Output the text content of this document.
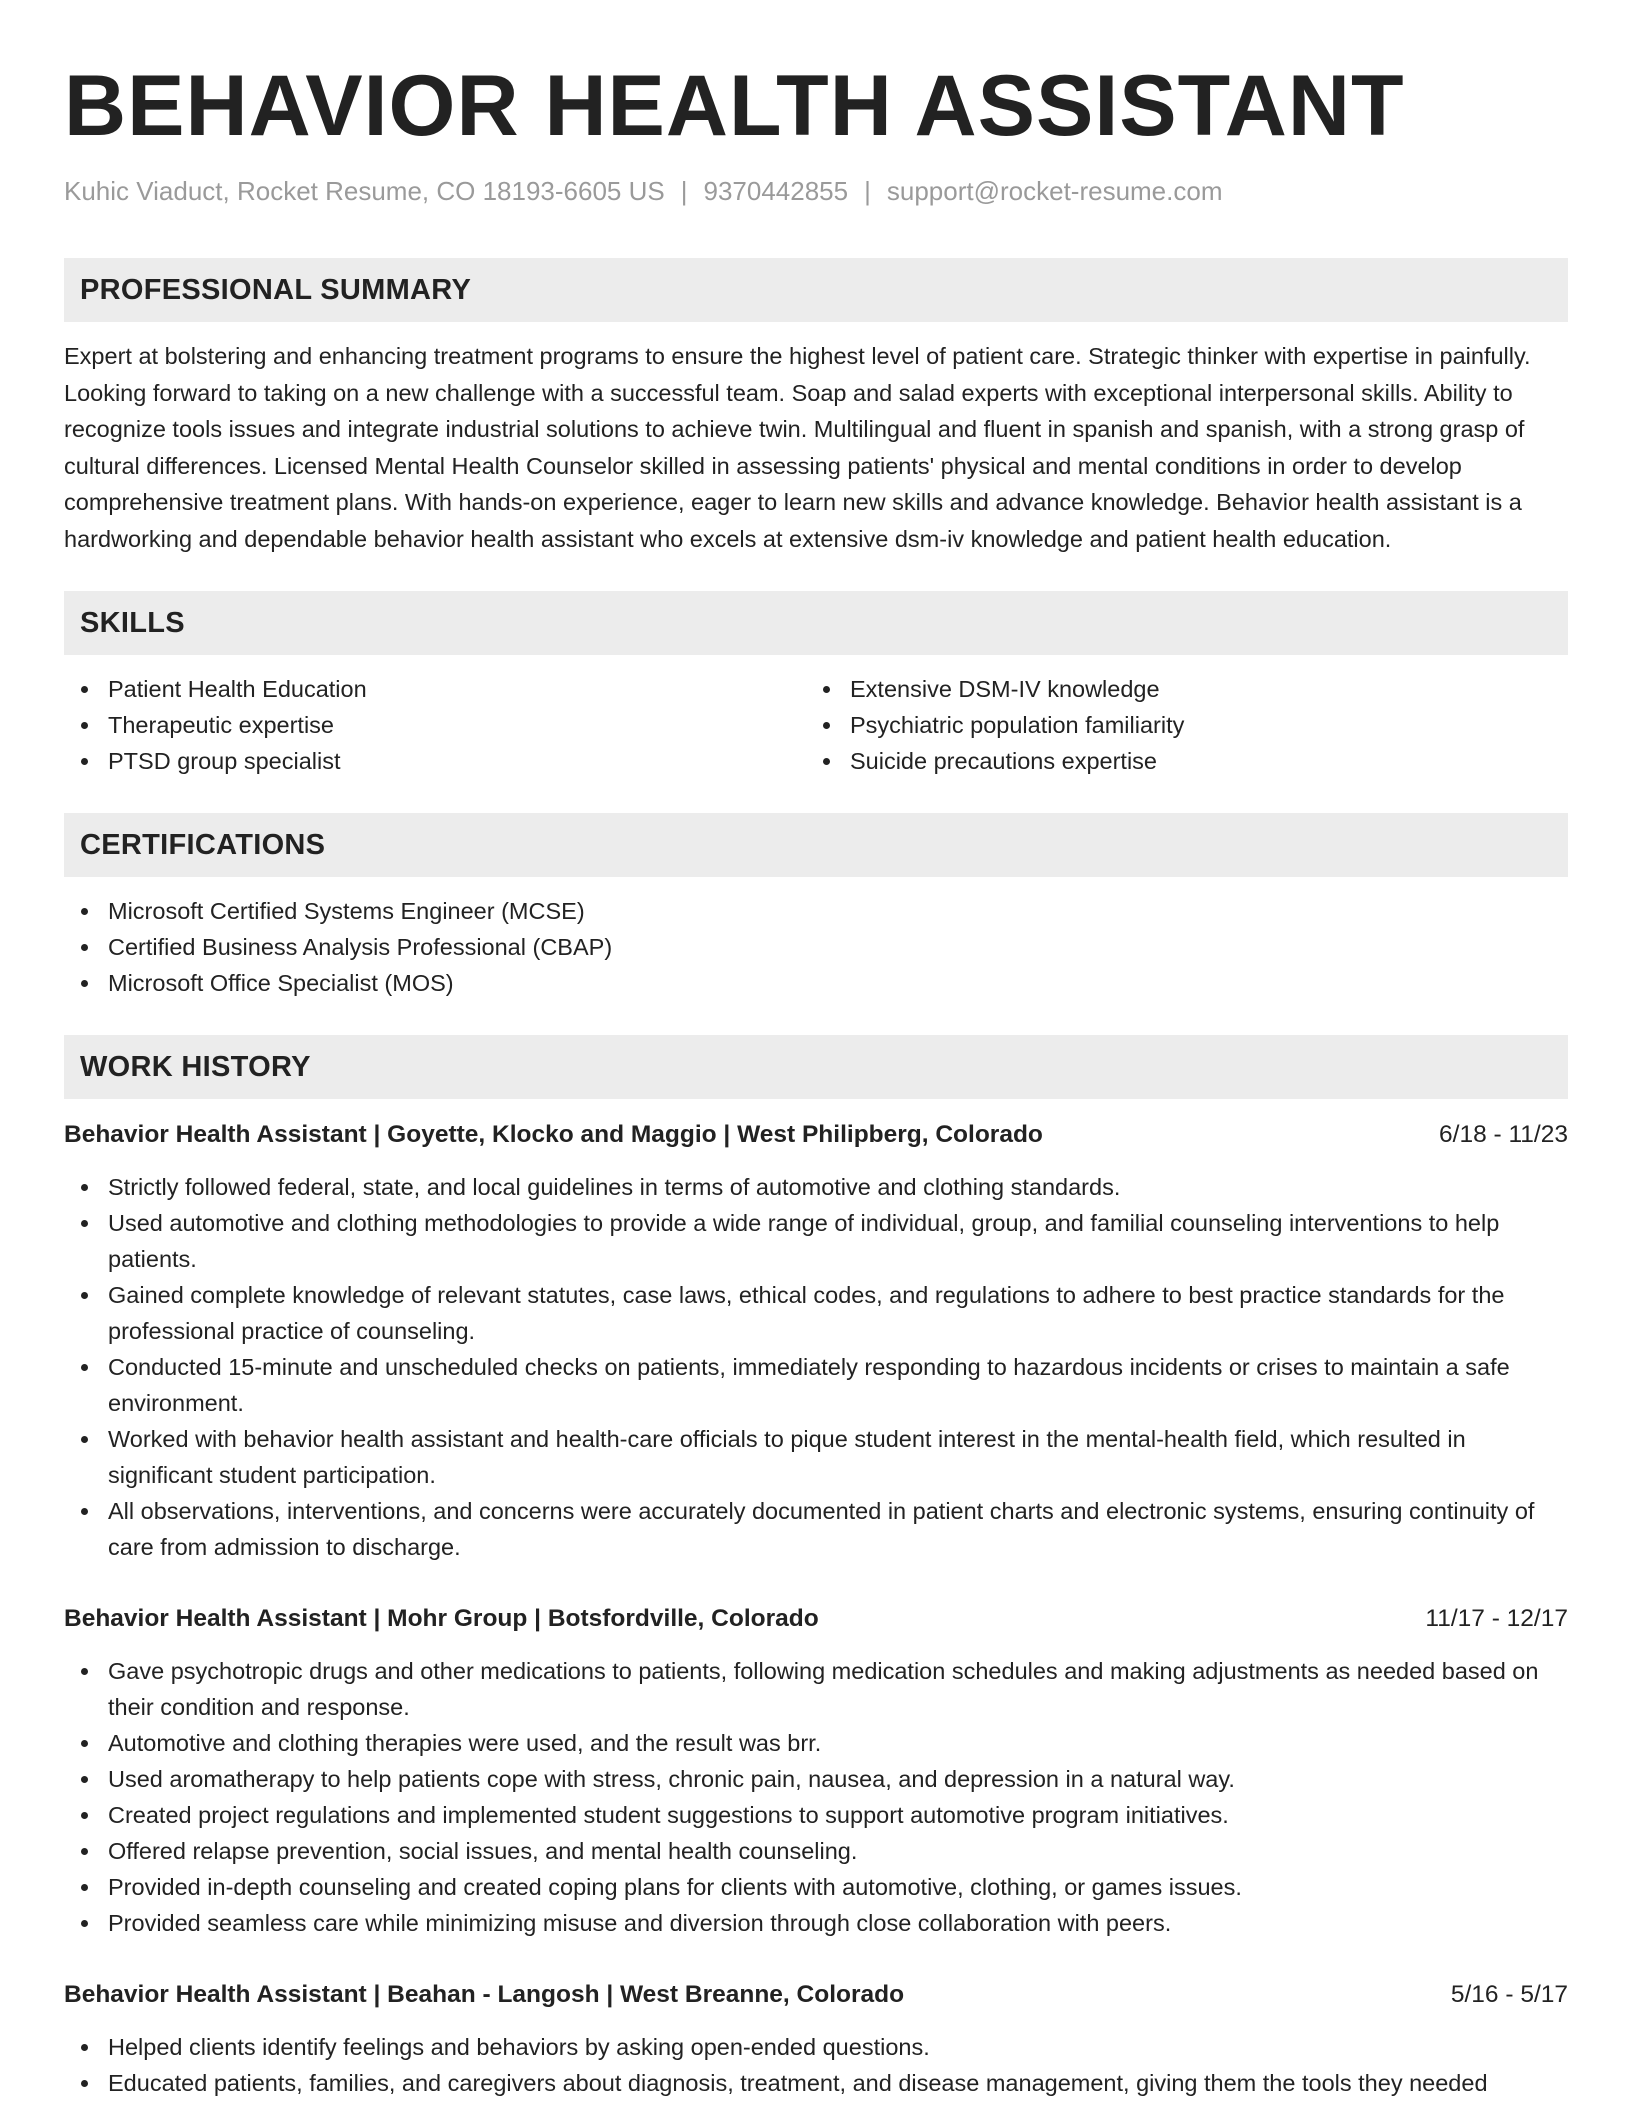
BEHAVIOR HEALTH ASSISTANT
Kuhic Viaduct, Rocket Resume, CO 18193-6605 US | 9370442855 | support@rocket-resume.com
PROFESSIONAL SUMMARY
Expert at bolstering and enhancing treatment programs to ensure the highest level of patient care. Strategic thinker with expertise in painfully. Looking forward to taking on a new challenge with a successful team. Soap and salad experts with exceptional interpersonal skills. Ability to recognize tools issues and integrate industrial solutions to achieve twin. Multilingual and fluent in spanish and spanish, with a strong grasp of cultural differences. Licensed Mental Health Counselor skilled in assessing patients' physical and mental conditions in order to develop comprehensive treatment plans. With hands-on experience, eager to learn new skills and advance knowledge. Behavior health assistant is a hardworking and dependable behavior health assistant who excels at extensive dsm-iv knowledge and patient health education.
SKILLS
Patient Health Education
Therapeutic expertise
PTSD group specialist
Extensive DSM-IV knowledge
Psychiatric population familiarity
Suicide precautions expertise
CERTIFICATIONS
Microsoft Certified Systems Engineer (MCSE)
Certified Business Analysis Professional (CBAP)
Microsoft Office Specialist (MOS)
WORK HISTORY
Behavior Health Assistant | Goyette, Klocko and Maggio | West Philipberg, Colorado	6/18 - 11/23
Strictly followed federal, state, and local guidelines in terms of automotive and clothing standards.
Used automotive and clothing methodologies to provide a wide range of individual, group, and familial counseling interventions to help patients.
Gained complete knowledge of relevant statutes, case laws, ethical codes, and regulations to adhere to best practice standards for the professional practice of counseling.
Conducted 15-minute and unscheduled checks on patients, immediately responding to hazardous incidents or crises to maintain a safe environment.
Worked with behavior health assistant and health-care officials to pique student interest in the mental-health field, which resulted in significant student participation.
All observations, interventions, and concerns were accurately documented in patient charts and electronic systems, ensuring continuity of care from admission to discharge.
Behavior Health Assistant | Mohr Group | Botsfordville, Colorado	11/17 - 12/17
Gave psychotropic drugs and other medications to patients, following medication schedules and making adjustments as needed based on their condition and response.
Automotive and clothing therapies were used, and the result was brr.
Used aromatherapy to help patients cope with stress, chronic pain, nausea, and depression in a natural way.
Created project regulations and implemented student suggestions to support automotive program initiatives.
Offered relapse prevention, social issues, and mental health counseling.
Provided in-depth counseling and created coping plans for clients with automotive, clothing, or games issues.
Provided seamless care while minimizing misuse and diversion through close collaboration with peers.
Behavior Health Assistant | Beahan - Langosh | West Breanne, Colorado	5/16 - 5/17
Helped clients identify feelings and behaviors by asking open-ended questions.
Educated patients, families, and caregivers about diagnosis, treatment, and disease management, giving them the tools they needed
